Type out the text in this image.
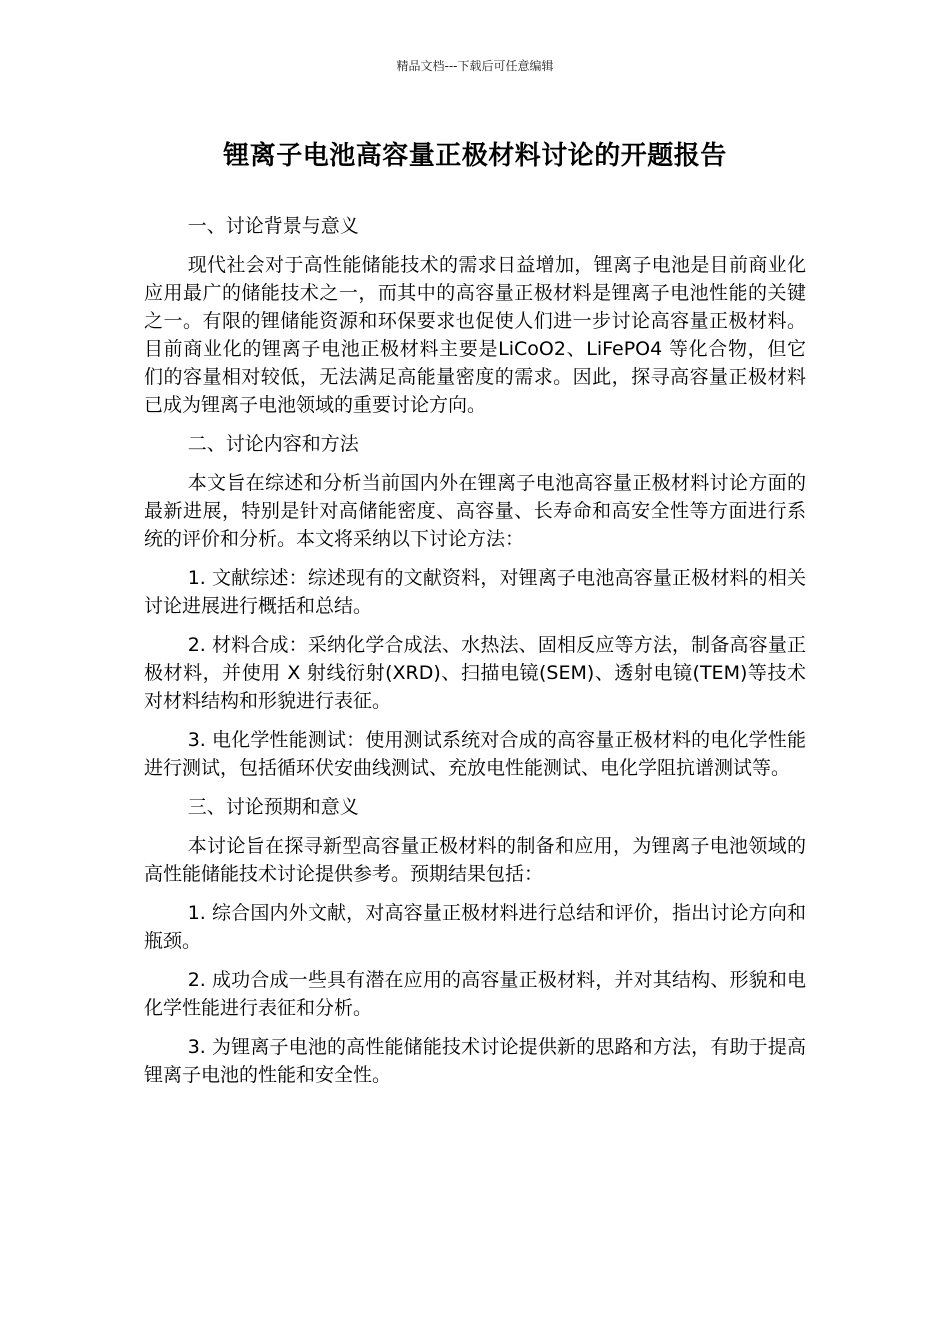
精品文档---下载后可任意编辑
锂离子电池高容量正极材料讨论的开题报告

一、讨论背景与意义

现代社会对于高性能储能技术的需求日益增加，锂离子电池是目前商业化应用最广的储能技术之一，而其中的高容量正极材料是锂离子电池性能的关键之一。有限的锂储能资源和环保要求也促使人们进一步讨论高容量正极材料。目前商业化的锂离子电池正极材料主要是LiCoO2、LiFePO4 等化合物，但它们的容量相对较低，无法满足高能量密度的需求。因此，探寻高容量正极材料已成为锂离子电池领域的重要讨论方向。

二、讨论内容和方法

本文旨在综述和分析当前国内外在锂离子电池高容量正极材料讨论方面的最新进展，特别是针对高储能密度、高容量、长寿命和高安全性等方面进行系统的评价和分析。本文将采纳以下讨论方法：

1. 文献综述：综述现有的文献资料，对锂离子电池高容量正极材料的相关讨论进展进行概括和总结。

2. 材料合成：采纳化学合成法、水热法、固相反应等方法，制备高容量正极材料，并使用 X 射线衍射(XRD)、扫描电镜(SEM)、透射电镜(TEM)等技术对材料结构和形貌进行表征。

3. 电化学性能测试：使用测试系统对合成的高容量正极材料的电化学性能进行测试，包括循环伏安曲线测试、充放电性能测试、电化学阻抗谱测试等。

三、讨论预期和意义

本讨论旨在探寻新型高容量正极材料的制备和应用，为锂离子电池领域的高性能储能技术讨论提供参考。预期结果包括：

1. 综合国内外文献，对高容量正极材料进行总结和评价，指出讨论方向和瓶颈。

2. 成功合成一些具有潜在应用的高容量正极材料，并对其结构、形貌和电化学性能进行表征和分析。

3. 为锂离子电池的高性能储能技术讨论提供新的思路和方法，有助于提高锂离子电池的性能和安全性。
